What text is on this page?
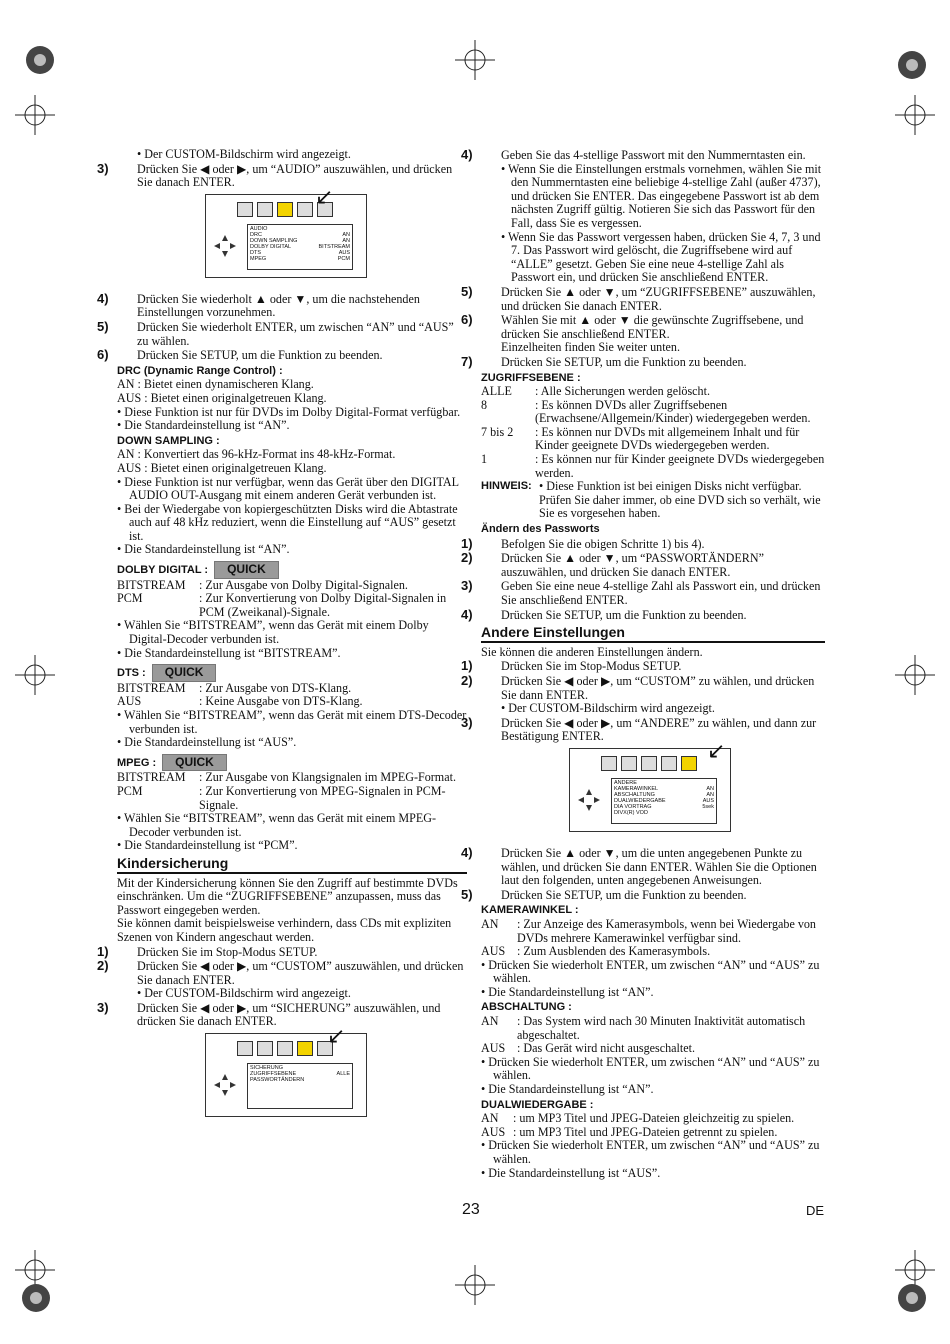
• Der CUSTOM-Bildschirm wird angezeigt.

3) Drücken Sie ◀ oder ▶, um “AUDIO” auszuwählen, und drücken Sie danach ENTER.

↙
AUDIO
DRC	AN
DOWN SAMPLING	AN
DOLBY DIGITAL	BITSTREAM
DTS	AUS
MPEG	PCM

4) Drücken Sie wiederholt ▲ oder ▼, um die nachstehenden Einstellungen vorzunehmen.

5) Drücken Sie wiederholt ENTER, um zwischen “AN” und “AUS” zu wählen.

6) Drücken Sie SETUP, um die Funktion zu beenden.

DRC (Dynamic Range Control) :

AN : Bietet einen dynamischeren Klang.

AUS : Bietet einen originalgetreuen Klang.

• Diese Funktion ist nur für DVDs im Dolby Digital-Format verfügbar.

• Die Standardeinstellung ist “AN”.

DOWN SAMPLING :

AN : Konvertiert das 96-kHz-Format ins 48-kHz-Format.

AUS : Bietet einen originalgetreuen Klang.

• Diese Funktion ist nur verfügbar, wenn das Gerät über den DIGITAL AUDIO OUT-Ausgang mit einem anderen Gerät verbunden ist.

• Bei der Wiedergabe von kopiergeschützten Disks wird die Abtastrate auch auf 48 kHz reduziert, wenn die Einstellung auf “AUS” gesetzt ist.

• Die Standardeinstellung ist “AN”.

DOLBY DIGITAL : QUICK

BITSTREAM	: Zur Ausgabe von Dolby Digital-Signalen.
PCM	: Zur Konvertierung von Dolby Digital-Signalen in PCM (Zweikanal)-Signale.

• Wählen Sie “BITSTREAM”, wenn das Gerät mit einem Dolby Digital-Decoder verbunden ist.

• Die Standardeinstellung ist “BITSTREAM”.

DTS : QUICK

BITSTREAM	: Zur Ausgabe von DTS-Klang.
AUS	: Keine Ausgabe von DTS-Klang.

• Wählen Sie “BITSTREAM”, wenn das Gerät mit einem DTS-Decoder verbunden ist.

• Die Standardeinstellung ist “AUS”.

MPEG : QUICK

BITSTREAM	: Zur Ausgabe von Klangsignalen im MPEG-Format.
PCM	: Zur Konvertierung von MPEG-Signalen in PCM-Signale.

• Wählen Sie “BITSTREAM”, wenn das Gerät mit einem MPEG-Decoder verbunden ist.

• Die Standardeinstellung ist “PCM”.

Kindersicherung

Mit der Kindersicherung können Sie den Zugriff auf bestimmte DVDs einschränken. Um die “ZUGRIFFSEBENE” anzupassen, muss das Passwort eingegeben werden.

Sie können damit beispielsweise verhindern, dass CDs mit expliziten Szenen von Kindern angeschaut werden.

1) Drücken Sie im Stop-Modus SETUP.

2) Drücken Sie ◀ oder ▶, um “CUSTOM” auszuwählen, und drücken Sie danach ENTER.

• Der CUSTOM-Bildschirm wird angezeigt.

3) Drücken Sie ◀ oder ▶, um “SICHERUNG” auszuwählen, und drücken Sie danach ENTER.

↙
SICHERUNG
ZUGRIFFSEBENE	ALLE
PASSWORTÄNDERN

4) Geben Sie das 4-stellige Passwort mit den Nummerntasten ein.

• Wenn Sie die Einstellungen erstmals vornehmen, wählen Sie mit den Nummerntasten eine beliebige 4-stellige Zahl (außer 4737), und drücken Sie ENTER. Das eingegebene Passwort ist ab dem nächsten Zugriff gültig. Notieren Sie sich das Passwort für den Fall, dass Sie es vergessen.

• Wenn Sie das Passwort vergessen haben, drücken Sie 4, 7, 3 und 7. Das Passwort wird gelöscht, die Zugriffsebene wird auf “ALLE” gesetzt. Geben Sie eine neue 4-stellige Zahl als Passwort ein, und drücken Sie anschließend ENTER.

5) Drücken Sie ▲ oder ▼, um “ZUGRIFFSEBENE” auszuwählen, und drücken Sie danach ENTER.

6) Wählen Sie mit ▲ oder ▼ die gewünschte Zugriffsebene, und drücken Sie anschließend ENTER.

Einzelheiten finden Sie weiter unten.

7) Drücken Sie SETUP, um die Funktion zu beenden.

ZUGRIFFSEBENE :

ALLE	: Alle Sicherungen werden gelöscht.
8	: Es können DVDs aller Zugriffsebenen (Erwachsene/Allgemein/Kinder) wiedergegeben werden.
7 bis 2	: Es können nur DVDs mit allgemeinem Inhalt und für Kinder geeignete DVDs wiedergegeben werden.
1	: Es können nur für Kinder geeignete DVDs wiedergegeben werden.
HINWEIS: • Diese Funktion ist bei einigen Disks nicht verfügbar. Prüfen Sie daher immer, ob eine DVD sich so verhält, wie Sie es vorgesehen haben.

Ändern des Passworts

1) Befolgen Sie die obigen Schritte 1) bis 4).

2) Drücken Sie ▲ oder ▼, um “PASSWORTÄNDERN” auszuwählen, und drücken Sie danach ENTER.

3) Geben Sie eine neue 4-stellige Zahl als Passwort ein, und drücken Sie anschließend ENTER.

4) Drücken Sie SETUP, um die Funktion zu beenden.

Andere Einstellungen

Sie können die anderen Einstellungen ändern.

1) Drücken Sie im Stop-Modus SETUP.

2) Drücken Sie ◀ oder ▶, um “CUSTOM” zu wählen, und drücken Sie dann ENTER.

• Der CUSTOM-Bildschirm wird angezeigt.

3) Drücken Sie ◀ oder ▶, um “ANDERE” zu wählen, und dann zur Bestätigung ENTER.

↙
ANDERE
KAMERAWINKEL	AN
ABSCHALTUNG	AN
DUALWIEDERGABE	AUS
DIA VORTRAG	5sek
DIVX(R) VOD

4) Drücken Sie ▲ oder ▼, um die unten angegebenen Punkte zu wählen, und drücken Sie dann ENTER. Wählen Sie die Optionen laut den folgenden, unten angegebenen Anweisungen.

5) Drücken Sie SETUP, um die Funktion zu beenden.

KAMERAWINKEL :

AN	: Zur Anzeige des Kamerasymbols, wenn bei Wiedergabe von DVDs mehrere Kamerawinkel verfügbar sind.
AUS : Zum Ausblenden des Kamerasymbols.

• Drücken Sie wiederholt ENTER, um zwischen “AN” und “AUS” zu wählen.

• Die Standardeinstellung ist “AN”.

ABSCHALTUNG :

AN	: Das System wird nach 30 Minuten Inaktivität automatisch abgeschaltet.
AUS : Das Gerät wird nicht ausgeschaltet.

• Drücken Sie wiederholt ENTER, um zwischen “AN” und “AUS” zu wählen.

• Die Standardeinstellung ist “AN”.

DUALWIEDERGABE :

AN	: um MP3 Titel und JPEG-Dateien gleichzeitig zu spielen.
AUS : um MP3 Titel und JPEG-Dateien getrennt zu spielen.

• Drücken Sie wiederholt ENTER, um zwischen “AN” und “AUS” zu wählen.

• Die Standardeinstellung ist “AUS”.

23	DE
